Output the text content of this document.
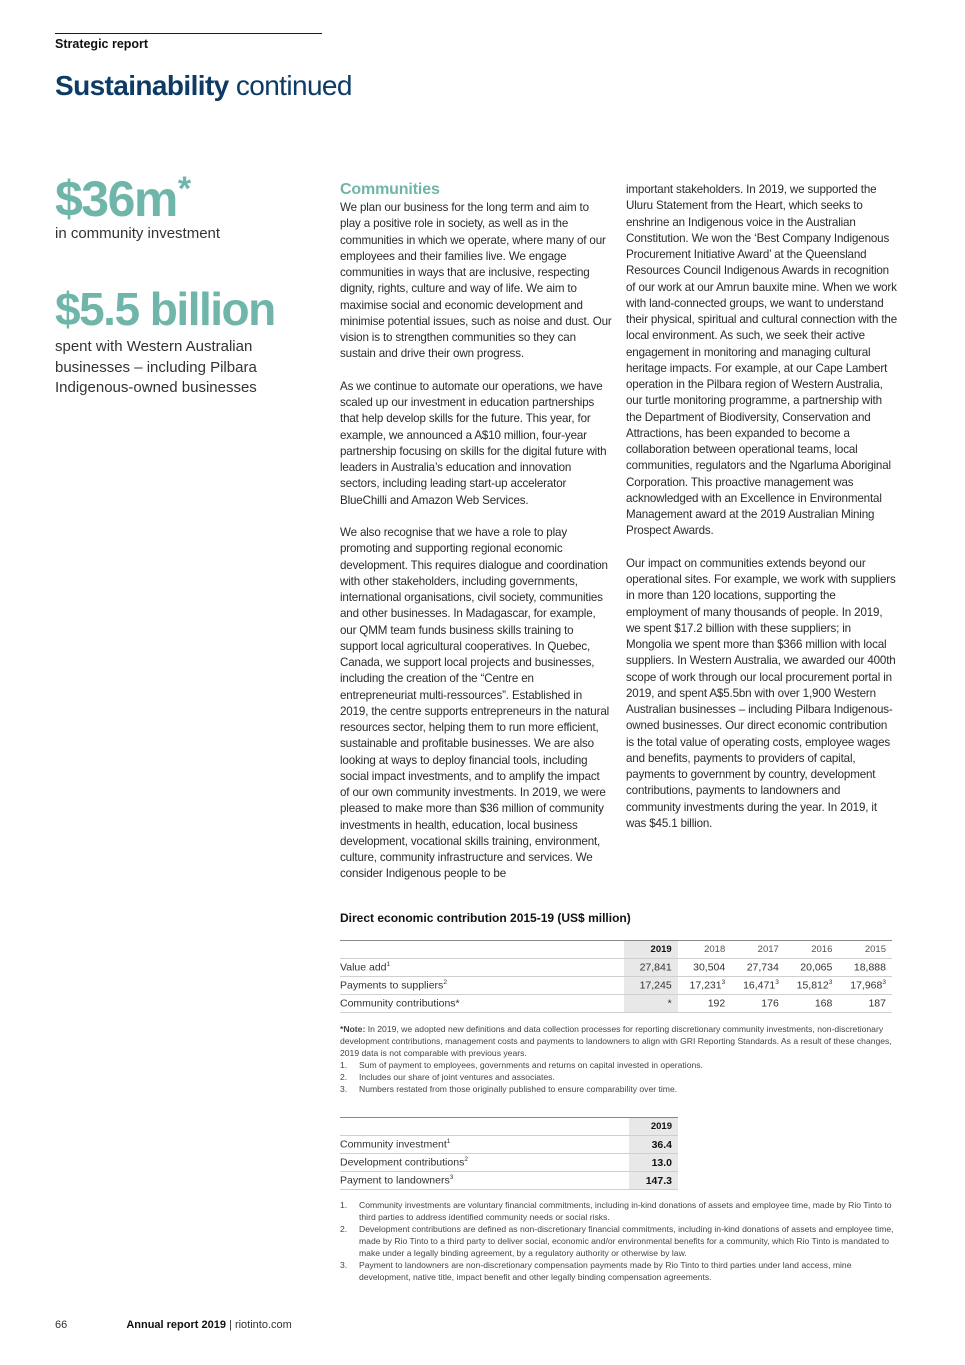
Strategic report
Sustainability continued
$36m*
in community investment
$5.5 billion
spent with Western Australian businesses – including Pilbara Indigenous-owned businesses
Communities

We plan our business for the long term and aim to play a positive role in society, as well as in the communities in which we operate, where many of our employees and their families live. We engage communities in ways that are inclusive, respecting dignity, rights, culture and way of life. We aim to maximise social and economic development and minimise potential issues, such as noise and dust. Our vision is to strengthen communities so they can sustain and drive their own progress.

As we continue to automate our operations, we have scaled up our investment in education partnerships that help develop skills for the future. This year, for example, we announced a A$10 million, four-year partnership focusing on skills for the digital future with leaders in Australia’s education and innovation sectors, including leading start-up accelerator BlueChilli and Amazon Web Services.

We also recognise that we have a role to play promoting and supporting regional economic development. This requires dialogue and coordination with other stakeholders, including governments, international organisations, civil society, communities and other businesses. In Madagascar, for example, our QMM team funds business skills training to support local agricultural cooperatives. In Quebec, Canada, we support local projects and businesses, including the creation of the “Centre en entrepreneuriat multi-ressources”. Established in 2019, the centre supports entrepreneurs in the natural resources sector, helping them to run more efficient, sustainable and profitable businesses. We are also looking at ways to deploy financial tools, including social impact investments, and to amplify the impact of our own community investments. In 2019, we were pleased to make more than $36 million of community investments in health, education, local business development, vocational skills training, environment, culture, community infrastructure and services. We consider Indigenous people to be

important stakeholders. In 2019, we supported the Uluru Statement from the Heart, which seeks to enshrine an Indigenous voice in the Australian Constitution. We won the ‘Best Company Indigenous Procurement Initiative Award’ at the Queensland Resources Council Indigenous Awards in recognition of our work at our Amrun bauxite mine. When we work with land-connected groups, we want to understand their physical, spiritual and cultural connection with the local environment. As such, we seek their active engagement in monitoring and managing cultural heritage impacts. For example, at our Cape Lambert operation in the Pilbara region of Western Australia, our turtle monitoring programme, a partnership with the Department of Biodiversity, Conservation and Attractions, has been expanded to become a collaboration between operational teams, local communities, regulators and the Ngarluma Aboriginal Corporation. This proactive management was acknowledged with an Excellence in Environmental Management award at the 2019 Australian Mining Prospect Awards.

Our impact on communities extends beyond our operational sites. For example, we work with suppliers in more than 120 locations, supporting the employment of many thousands of people. In 2019, we spent $17.2 billion with these suppliers; in Mongolia we spent more than $366 million with local suppliers. In Western Australia, we awarded our 400th scope of work through our local procurement portal in 2019, and spent A$5.5bn with over 1,900 Western Australian businesses – including Pilbara Indigenous-owned businesses. Our direct economic contribution is the total value of operating costs, employee wages and benefits, payments to providers of capital, payments to government by country, development contributions, payments to landowners and community investments during the year. In 2019, it was $45.1 billion.

Direct economic contribution 2015-19 (US$ million)
	2019	2018	2017	2016	2015
Value add$^1$	27,841	30,504	27,734	20,065	18,888
Payments to suppliers$^2$	17,245	17,231$^3$	16,471$^3$	15,812$^3$	17,968$^3$
Community contributions*	*	192	176	168	187

*Note: In 2019, we adopted new definitions and data collection processes for reporting discretionary community investments, non-discretionary development contributions, management costs and payments to landowners to align with GRI Reporting Standards. As a result of these changes, 2019 data is not comparable with previous years.

1. Sum of payment to employees, governments and returns on capital invested in operations.
2. Includes our share of joint ventures and associates.
3. Numbers restated from those originally published to ensure comparability over time.
	2019
Community investment$^1$	36.4
Development contributions$^2$	13.0
Payment to landowners$^3$	147.3
1. Community investments are voluntary financial commitments, including in-kind donations of assets and employee time, made by Rio Tinto to third parties to address identified community needs or social risks.
2. Development contributions are defined as non-discretionary financial commitments, including in-kind donations of assets and employee time, made by Rio Tinto to a third party to deliver social, economic and/or environmental benefits for a community, which Rio Tinto is mandated to make under a legally binding agreement, by a regulatory authority or otherwise by law.
3. Payment to landowners are non-discretionary compensation payments made by Rio Tinto to third parties under land access, mine development, native title, impact benefit and other legally binding compensation agreements.
66	Annual report 2019 | riotinto.com
